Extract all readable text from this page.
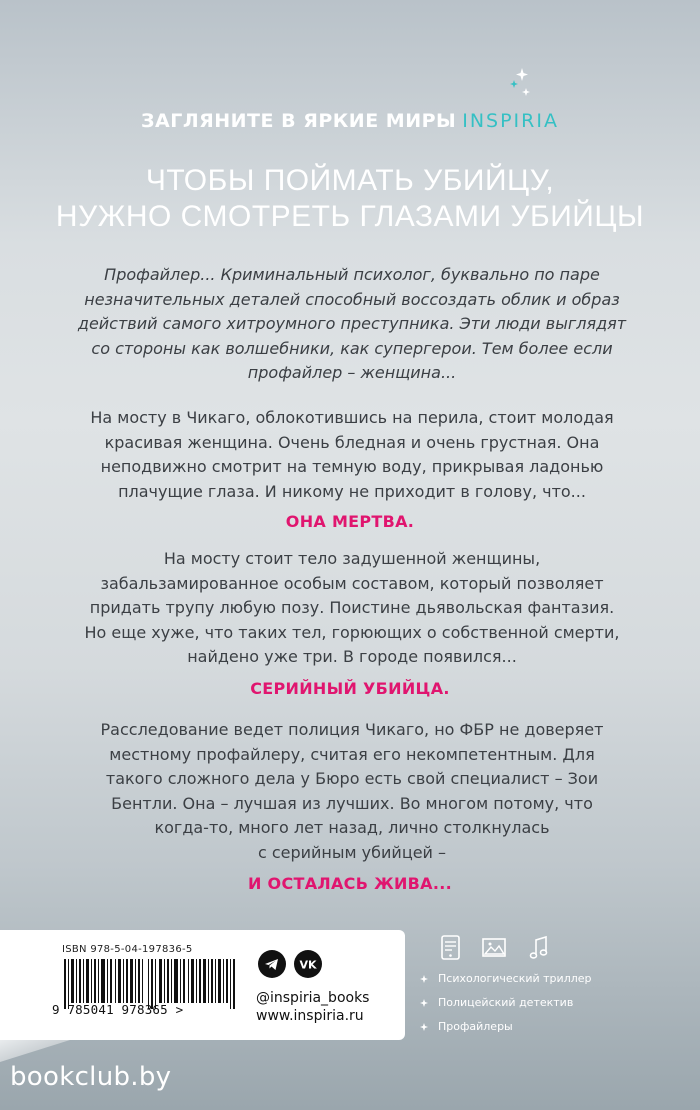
ЗАГЛЯНИТЕ В ЯРКИЕ МИРЫ INSPIRIA
ЧТОБЫ ПОЙМАТЬ УБИЙЦУ,
НУЖНО СМОТРЕТЬ ГЛАЗАМИ УБИЙЦЫ
Профайлер... Криминальный психолог, буквально по паре
незначительных деталей способный воссоздать облик и образ
действий самого хитроумного преступника. Эти люди выглядят
со стороны как волшебники, как супергерои. Тем более если
профайлер – женщина...
На мосту в Чикаго, облокотившись на перила, стоит молодая
красивая женщина. Очень бледная и очень грустная. Она
неподвижно смотрит на темную воду, прикрывая ладонью
плачущие глаза. И никому не приходит в голову, что...
ОНА МЕРТВА.
На мосту стоит тело задушенной женщины,
забальзамированное особым составом, который позволяет
придать трупу любую позу. Поистине дьявольская фантазия.
Но еще хуже, что таких тел, горюющих о собственной смерти,
найдено уже три. В городе появился...
СЕРИЙНЫЙ УБИЙЦА.
Расследование ведет полиция Чикаго, но ФБР не доверяет
местному профайлеру, считая его некомпетентным. Для
такого сложного дела у Бюро есть свой специалист – Зои
Бентли. Она – лучшая из лучших. Во многом потому, что
когда-то, много лет назад, лично столкнулась
с серийным убийцей –
И ОСТАЛАСЬ ЖИВА...
ISBN 978-5-04-197836-5
9 785041 978365 >
VK
@inspiria_books
www.inspiria.ru
Психологический триллер
Полицейский детектив
Профайлеры
bookclub.by
